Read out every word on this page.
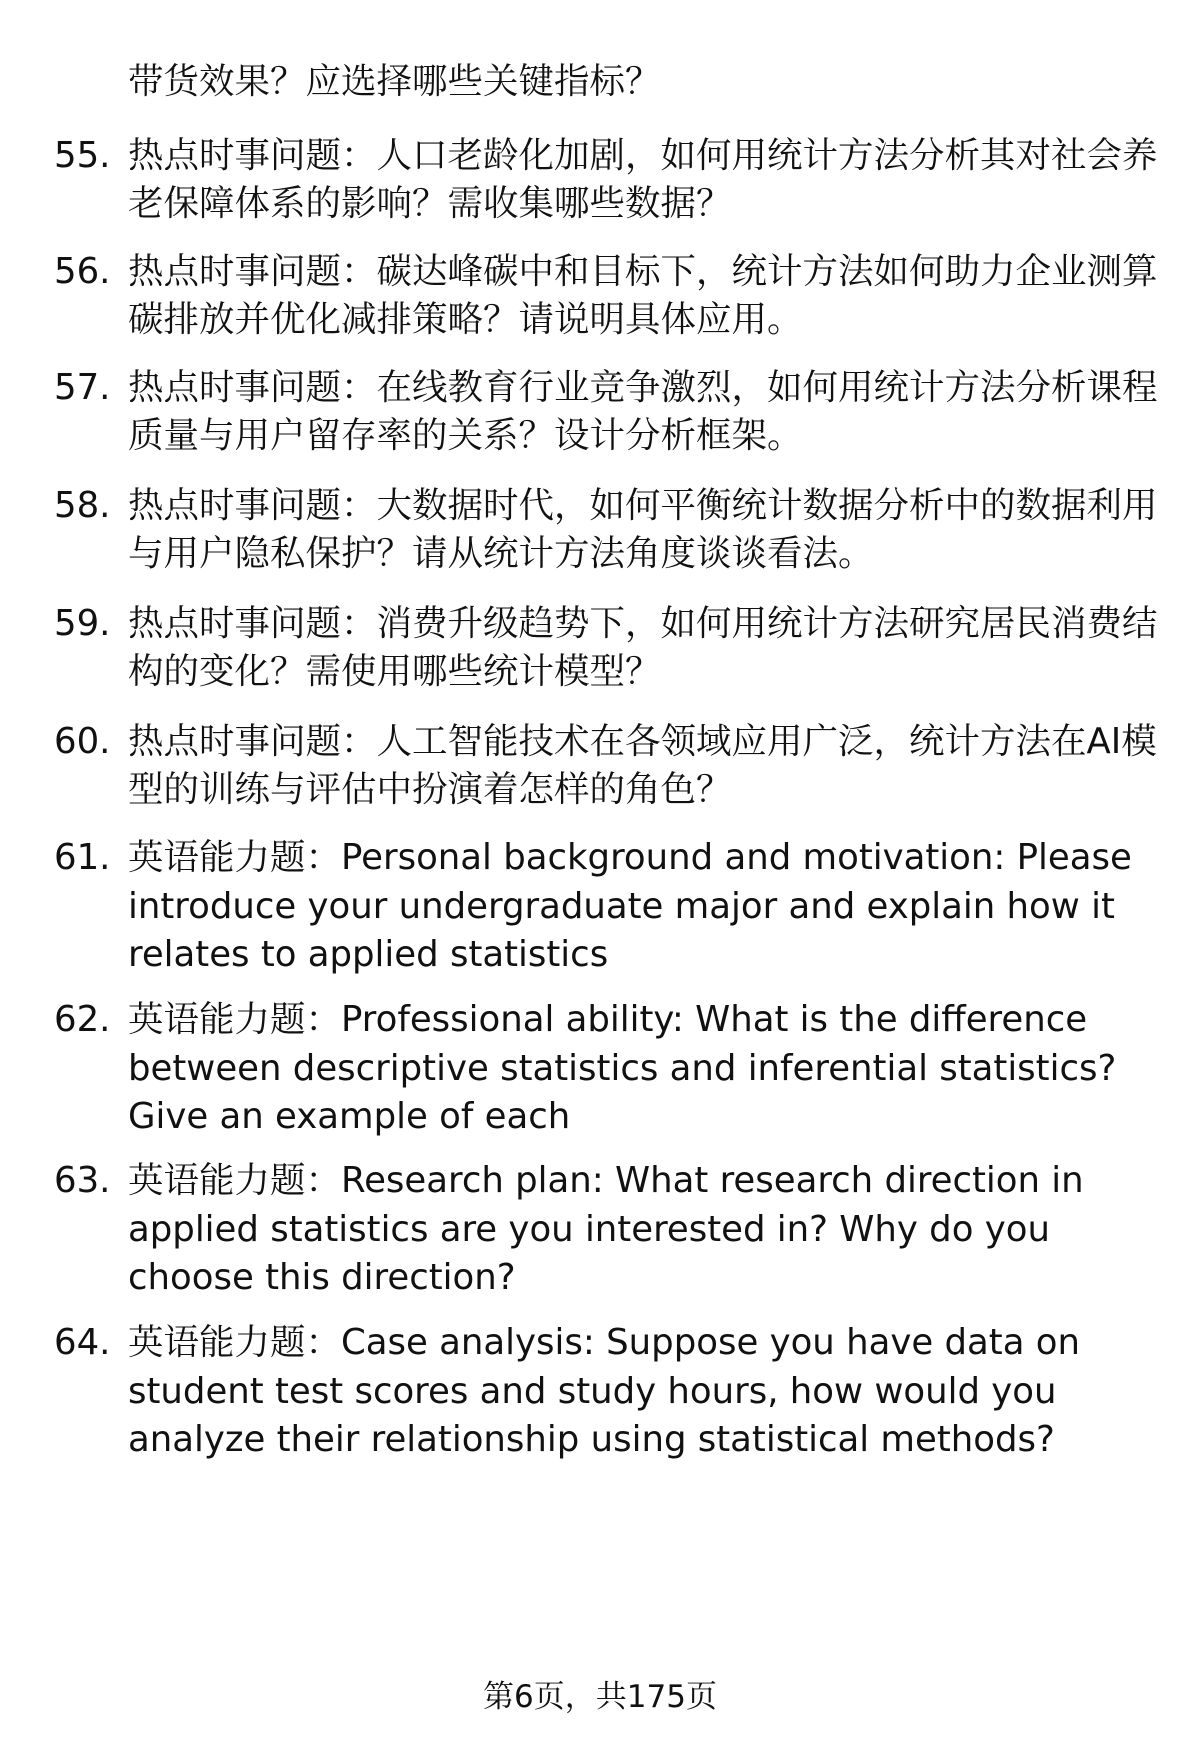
带货效果？应选择哪些关键指标？
55. 热点时事问题：人口老龄化加剧，如何用统计方法分析其对社会养老保障体系的影响？需收集哪些数据？
56. 热点时事问题：碳达峰碳中和目标下，统计方法如何助力企业测算碳排放并优化减排策略？请说明具体应用。
57. 热点时事问题：在线教育行业竞争激烈，如何用统计方法分析课程质量与用户留存率的关系？设计分析框架。
58. 热点时事问题：大数据时代，如何平衡统计数据分析中的数据利用与用户隐私保护？请从统计方法角度谈谈看法。
59. 热点时事问题：消费升级趋势下，如何用统计方法研究居民消费结构的变化？需使用哪些统计模型？
60. 热点时事问题：人工智能技术在各领域应用广泛，统计方法在AI模型的训练与评估中扮演着怎样的角色？
61. 英语能力题：Personal background and motivation: Please introduce your undergraduate major and explain how it relates to applied statistics
62. 英语能力题：Professional ability: What is the difference between descriptive statistics and inferential statistics? Give an example of each
63. 英语能力题：Research plan: What research direction in applied statistics are you interested in? Why do you choose this direction?
64. 英语能力题：Case analysis: Suppose you have data on student test scores and study hours, how would you analyze their relationship using statistical methods?
第6页，共175页
